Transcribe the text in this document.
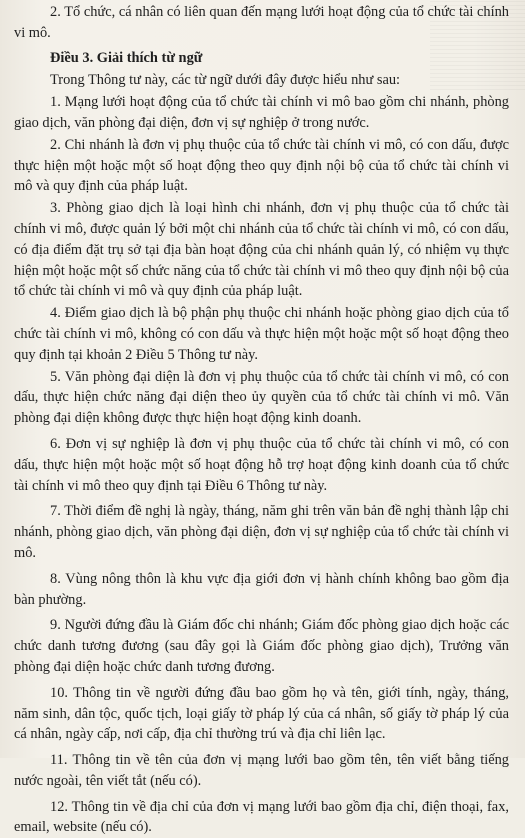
2. Tổ chức, cá nhân có liên quan đến mạng lưới hoạt động của tổ chức tài chính vi mô.

Điều 3. Giải thích từ ngữ

Trong Thông tư này, các từ ngữ dưới đây được hiểu như sau:

1. Mạng lưới hoạt động của tổ chức tài chính vi mô bao gồm chi nhánh, phòng giao dịch, văn phòng đại diện, đơn vị sự nghiệp ở trong nước.

2. Chi nhánh là đơn vị phụ thuộc của tổ chức tài chính vi mô, có con dấu, được thực hiện một hoặc một số hoạt động theo quy định nội bộ của tổ chức tài chính vi mô và quy định của pháp luật.

3. Phòng giao dịch là loại hình chi nhánh, đơn vị phụ thuộc của tổ chức tài chính vi mô, được quản lý bởi một chi nhánh của tổ chức tài chính vi mô, có con dấu, có địa điểm đặt trụ sở tại địa bàn hoạt động của chi nhánh quản lý, có nhiệm vụ thực hiện một hoặc một số chức năng của tổ chức tài chính vi mô theo quy định nội bộ của tổ chức tài chính vi mô và quy định của pháp luật.

4. Điểm giao dịch là bộ phận phụ thuộc chi nhánh hoặc phòng giao dịch của tổ chức tài chính vi mô, không có con dấu và thực hiện một hoặc một số hoạt động theo quy định tại khoản 2 Điều 5 Thông tư này.

5. Văn phòng đại diện là đơn vị phụ thuộc của tổ chức tài chính vi mô, có con dấu, thực hiện chức năng đại diện theo ủy quyền của tổ chức tài chính vi mô. Văn phòng đại diện không được thực hiện hoạt động kinh doanh.

6. Đơn vị sự nghiệp là đơn vị phụ thuộc của tổ chức tài chính vi mô, có con dấu, thực hiện một hoặc một số hoạt động hỗ trợ hoạt động kinh doanh của tổ chức tài chính vi mô theo quy định tại Điều 6 Thông tư này.

7. Thời điểm đề nghị là ngày, tháng, năm ghi trên văn bản đề nghị thành lập chi nhánh, phòng giao dịch, văn phòng đại diện, đơn vị sự nghiệp của tổ chức tài chính vi mô.

8. Vùng nông thôn là khu vực địa giới đơn vị hành chính không bao gồm địa bàn phường.

9. Người đứng đầu là Giám đốc chi nhánh; Giám đốc phòng giao dịch hoặc các chức danh tương đương (sau đây gọi là Giám đốc phòng giao dịch), Trưởng văn phòng đại diện hoặc chức danh tương đương.

10. Thông tin về người đứng đầu bao gồm họ và tên, giới tính, ngày, tháng, năm sinh, dân tộc, quốc tịch, loại giấy tờ pháp lý của cá nhân, số giấy tờ pháp lý của cá nhân, ngày cấp, nơi cấp, địa chỉ thường trú và địa chỉ liên lạc.

11. Thông tin về tên của đơn vị mạng lưới bao gồm tên, tên viết bằng tiếng nước ngoài, tên viết tắt (nếu có).

12. Thông tin về địa chỉ của đơn vị mạng lưới bao gồm địa chỉ, điện thoại, fax, email, website (nếu có).
